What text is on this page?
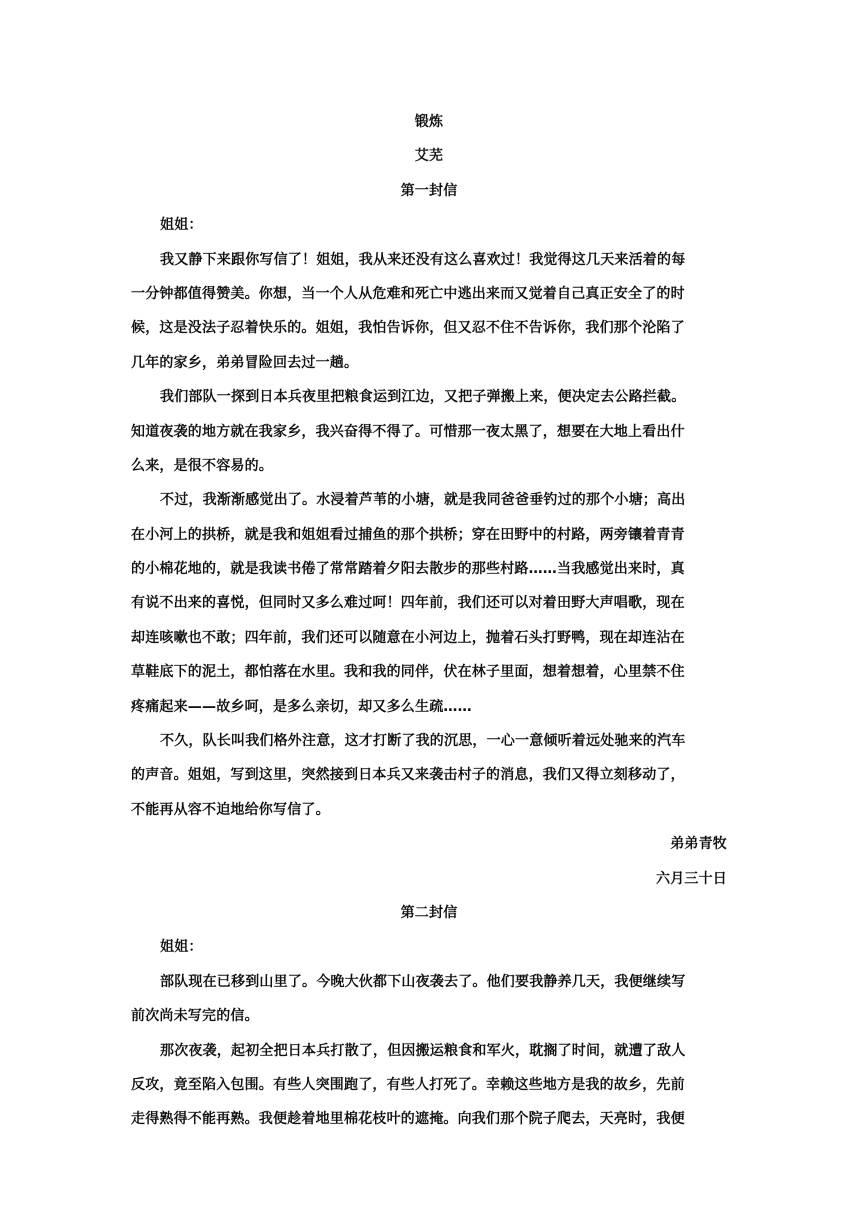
锻炼
艾芜
第一封信
姐姐：
我又静下来跟你写信了！姐姐，我从来还没有这么喜欢过！我觉得这几天来活着的每
一分钟都值得赞美。你想，当一个人从危难和死亡中逃出来而又觉着自己真正安全了的时
候，这是没法子忍着快乐的。姐姐，我怕告诉你，但又忍不住不告诉你，我们那个沦陷了
几年的家乡，弟弟冒险回去过一趟。
我们部队一探到日本兵夜里把粮食运到江边，又把子弹搬上来，便决定去公路拦截。
知道夜袭的地方就在我家乡，我兴奋得不得了。可惜那一夜太黑了，想要在大地上看出什
么来，是很不容易的。
不过，我渐渐感觉出了。水浸着芦苇的小塘，就是我同爸爸垂钓过的那个小塘；高出
在小河上的拱桥，就是我和姐姐看过捕鱼的那个拱桥；穿在田野中的村路，两旁镶着青青
的小棉花地的，就是我读书倦了常常踏着夕阳去散步的那些村路……当我感觉出来时，真
有说不出来的喜悦，但同时又多么难过呵！四年前，我们还可以对着田野大声唱歌，现在
却连咳嗽也不敢；四年前，我们还可以随意在小河边上，抛着石头打野鸭，现在却连沾在
草鞋底下的泥土，都怕落在水里。我和我的同伴，伏在林子里面，想着想着，心里禁不住
疼痛起来——故乡呵，是多么亲切，却又多么生疏……
不久，队长叫我们格外注意，这才打断了我的沉思，一心一意倾听着远处驰来的汽车
的声音。姐姐，写到这里，突然接到日本兵又来袭击村子的消息，我们又得立刻移动了，
不能再从容不迫地给你写信了。
弟弟青牧
六月三十日
第二封信
姐姐：
部队现在已移到山里了。今晚大伙都下山夜袭去了。他们要我静养几天，我便继续写
前次尚未写完的信。
那次夜袭，起初全把日本兵打散了，但因搬运粮食和军火，耽搁了时间，就遭了敌人
反攻，竟至陷入包围。有些人突围跑了，有些人打死了。幸赖这些地方是我的故乡，先前
走得熟得不能再熟。我便趁着地里棉花枝叶的遮掩。向我们那个院子爬去，天亮时，我便
